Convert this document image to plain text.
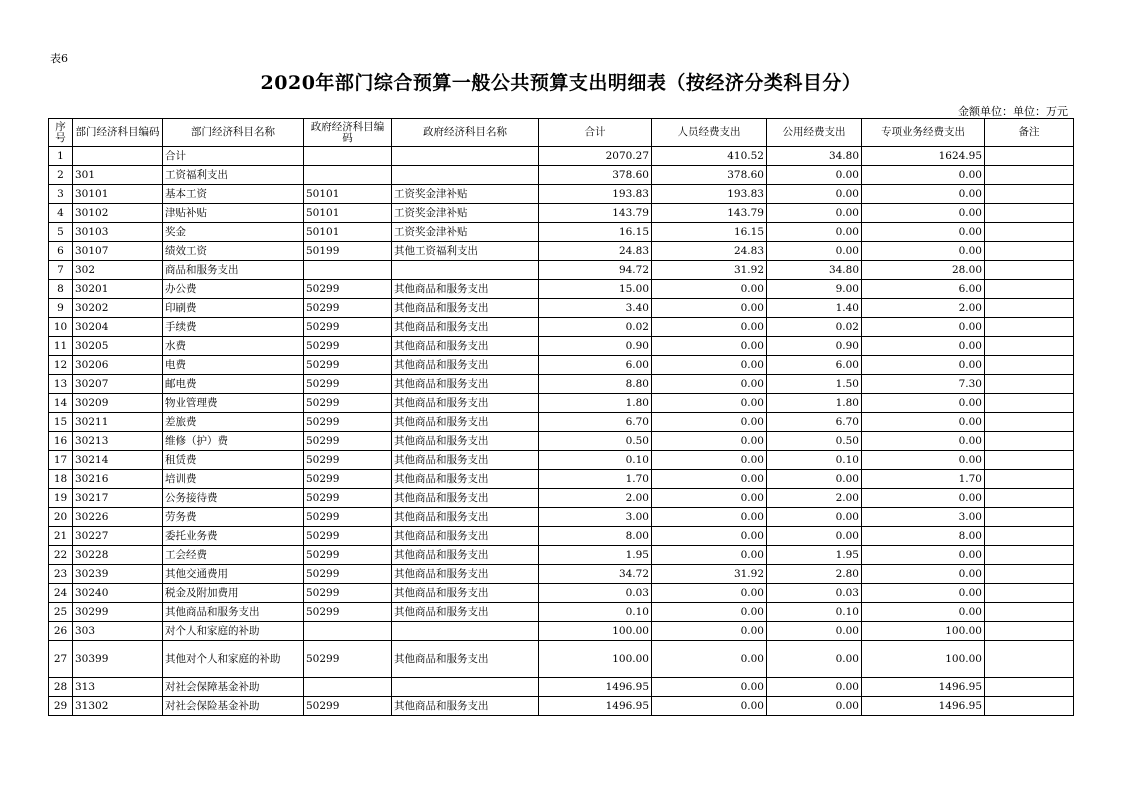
表6
2020年部门综合预算一般公共预算支出明细表（按经济分类科目分）
金额单位：单位：万元
序号	部门经济科目编码	部门经济科目名称	政府经济科目编码	政府经济科目名称	合计	人员经费支出	公用经费支出	专项业务经费支出	备注
1		合计			2070.27	410.52	34.80	1624.95	
2	301	工资福利支出			378.60	378.60	0.00	0.00	
3	30101	基本工资	50101	工资奖金津补贴	193.83	193.83	0.00	0.00	
4	30102	津贴补贴	50101	工资奖金津补贴	143.79	143.79	0.00	0.00	
5	30103	奖金	50101	工资奖金津补贴	16.15	16.15	0.00	0.00	
6	30107	绩效工资	50199	其他工资福利支出	24.83	24.83	0.00	0.00	
7	302	商品和服务支出			94.72	31.92	34.80	28.00	
8	30201	办公费	50299	其他商品和服务支出	15.00	0.00	9.00	6.00	
9	30202	印刷费	50299	其他商品和服务支出	3.40	0.00	1.40	2.00	
10	30204	手续费	50299	其他商品和服务支出	0.02	0.00	0.02	0.00	
11	30205	水费	50299	其他商品和服务支出	0.90	0.00	0.90	0.00	
12	30206	电费	50299	其他商品和服务支出	6.00	0.00	6.00	0.00	
13	30207	邮电费	50299	其他商品和服务支出	8.80	0.00	1.50	7.30	
14	30209	物业管理费	50299	其他商品和服务支出	1.80	0.00	1.80	0.00	
15	30211	差旅费	50299	其他商品和服务支出	6.70	0.00	6.70	0.00	
16	30213	维修（护）费	50299	其他商品和服务支出	0.50	0.00	0.50	0.00	
17	30214	租赁费	50299	其他商品和服务支出	0.10	0.00	0.10	0.00	
18	30216	培训费	50299	其他商品和服务支出	1.70	0.00	0.00	1.70	
19	30217	公务接待费	50299	其他商品和服务支出	2.00	0.00	2.00	0.00	
20	30226	劳务费	50299	其他商品和服务支出	3.00	0.00	0.00	3.00	
21	30227	委托业务费	50299	其他商品和服务支出	8.00	0.00	0.00	8.00	
22	30228	工会经费	50299	其他商品和服务支出	1.95	0.00	1.95	0.00	
23	30239	其他交通费用	50299	其他商品和服务支出	34.72	31.92	2.80	0.00	
24	30240	税金及附加费用	50299	其他商品和服务支出	0.03	0.00	0.03	0.00	
25	30299	其他商品和服务支出	50299	其他商品和服务支出	0.10	0.00	0.10	0.00	
26	303	对个人和家庭的补助			100.00	0.00	0.00	100.00	
27	30399	其他对个人和家庭的补助	50299	其他商品和服务支出	100.00	0.00	0.00	100.00	
28	313	对社会保障基金补助			1496.95	0.00	0.00	1496.95	
29	31302	对社会保险基金补助	50299	其他商品和服务支出	1496.95	0.00	0.00	1496.95	
